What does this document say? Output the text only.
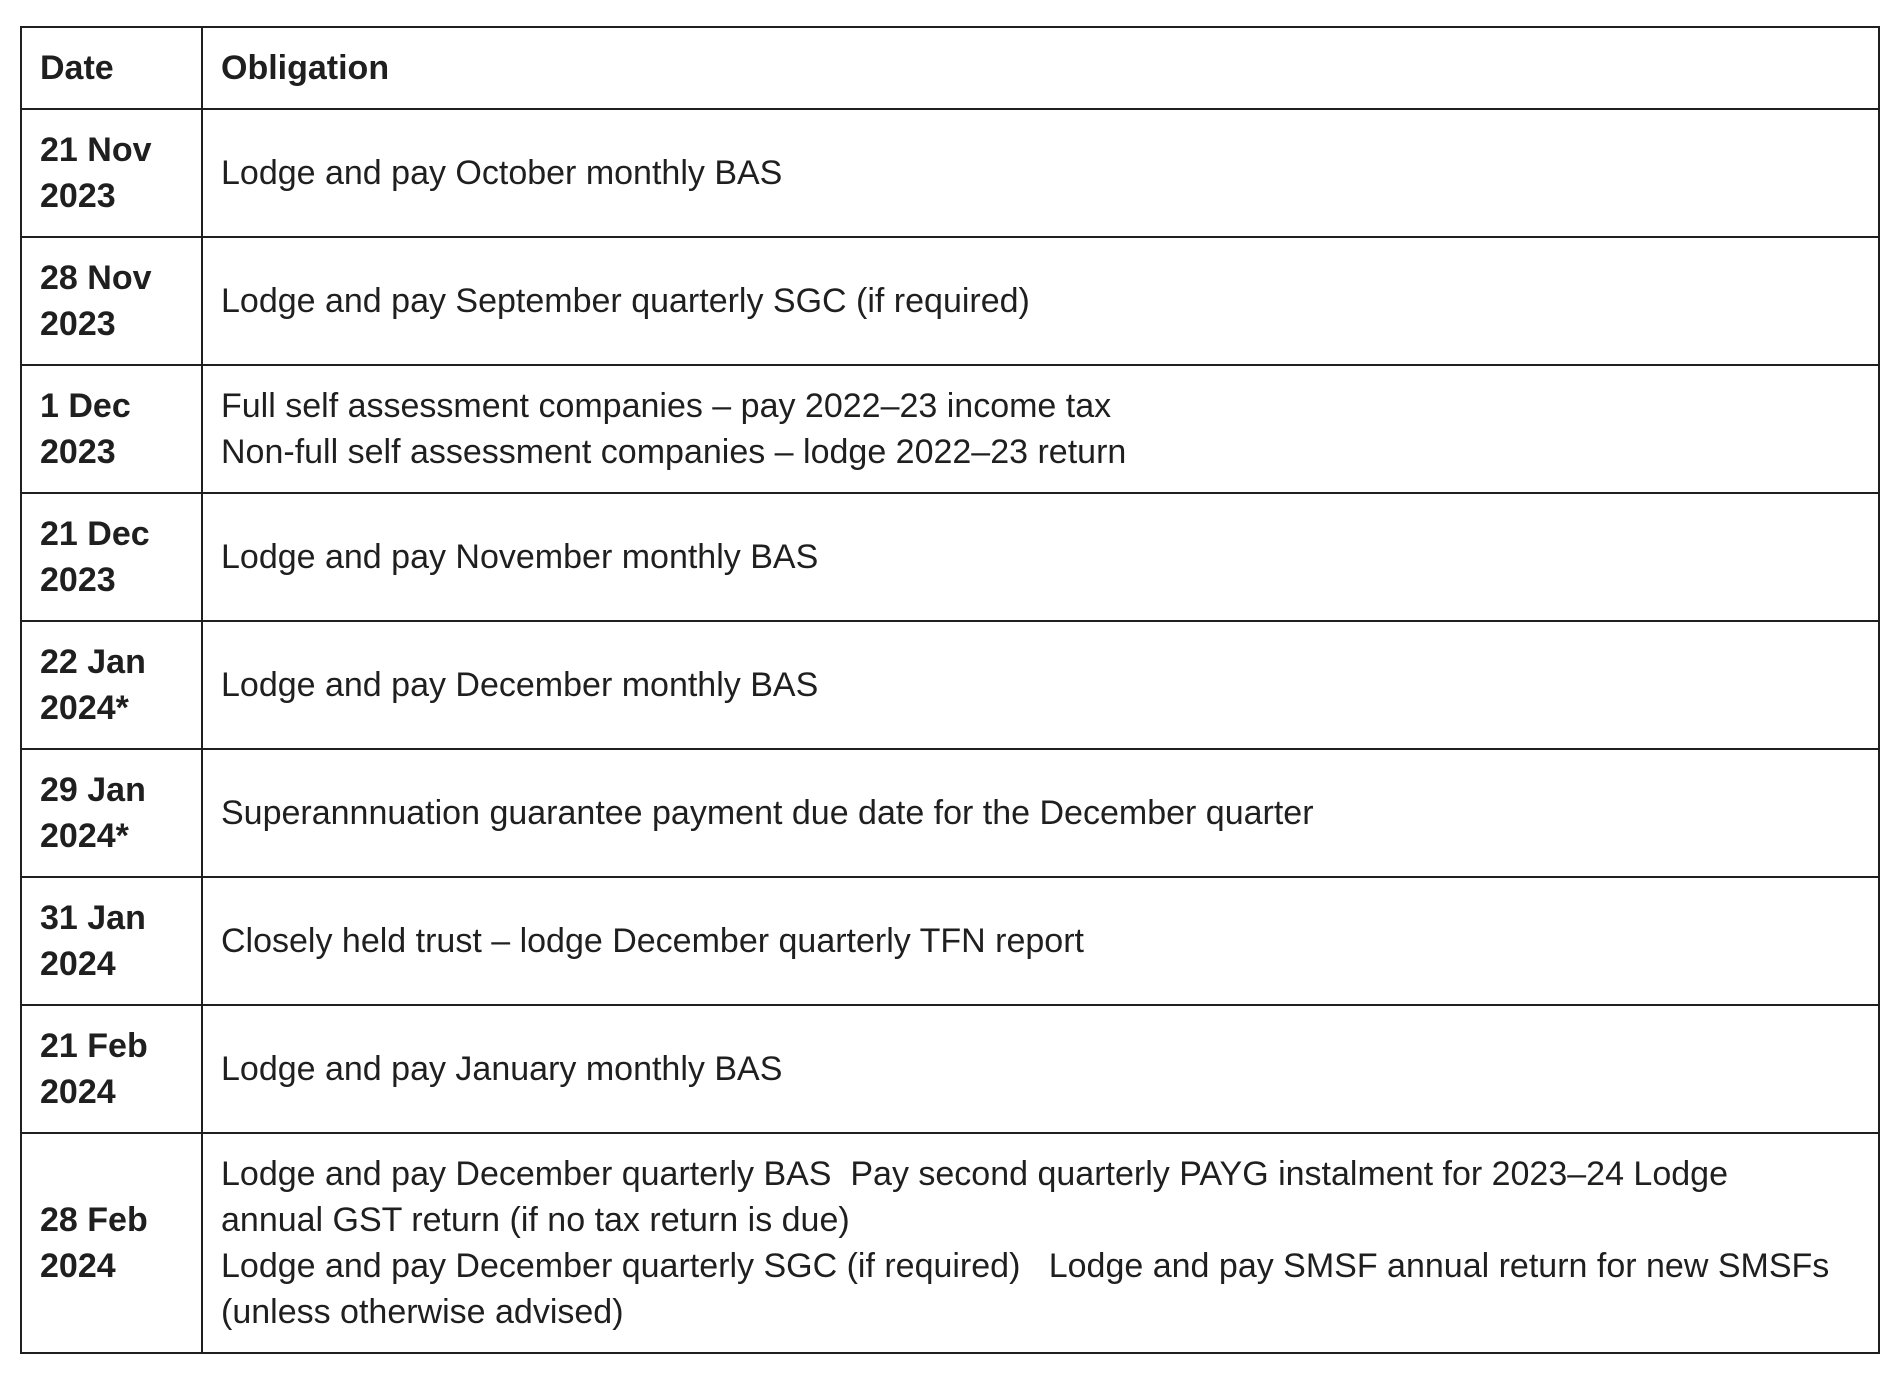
Date	Obligation

21 Nov
2023	Lodge and pay October monthly BAS

28 Nov
2023	Lodge and pay September quarterly SGC (if required)

1 Dec
2023	Full self assessment companies – pay 2022–23 income tax
Non-full self assessment companies – lodge 2022–23 return

21 Dec
2023	Lodge and pay November monthly BAS

22 Jan
2024*	Lodge and pay December monthly BAS

29 Jan
2024*	Superannnuation guarantee payment due date for the December quarter

31 Jan
2024	Closely held trust – lodge December quarterly TFN report

21 Feb
2024	Lodge and pay January monthly BAS

28 Feb
2024	Lodge and pay December quarterly BAS  Pay second quarterly PAYG instalment for 2023–24 Lodge annual GST return (if no tax return is due)
Lodge and pay December quarterly SGC (if required)   Lodge and pay SMSF annual return for new SMSFs (unless otherwise advised)
